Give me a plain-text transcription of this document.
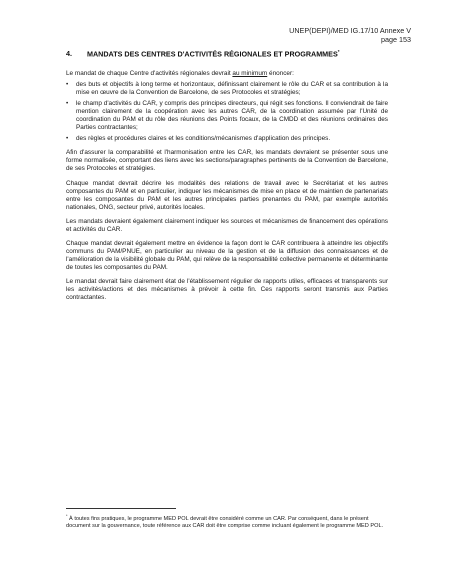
UNEP(DEPI)/MED IG.17/10 Annexe V
page 153
4. MANDATS DES CENTRES D'ACTIVITÉS RÉGIONALES ET PROGRAMMES*

Le mandat de chaque Centre d'activités régionales devrait au minimum énoncer:

•	des buts et objectifs à long terme et horizontaux, définissant clairement le rôle du CAR et sa contribution à la mise en œuvre de la Convention de Barcelone, de ses Protocoles et stratégies;
•	le champ d'activités du CAR, y compris des principes directeurs, qui régit ses fonctions. Il conviendrait de faire mention clairement de la coopération avec les autres CAR, de la coordination assumée par l'Unité de coordination du PAM et du rôle des réunions des Points focaux, de la CMDD et des réunions ordinaires des Parties contractantes;
•	des règles et procédures claires et les conditions/mécanismes d'application des principes.

Afin d'assurer la comparabilité et l'harmonisation entre les CAR, les mandats devraient se présenter sous une forme normalisée, comportant des liens avec les sections/paragraphes pertinents de la Convention de Barcelone, de ses Protocoles et stratégies.

Chaque mandat devrait décrire les modalités des relations de travail avec le Secrétariat et les autres composantes du PAM et en particulier, indiquer les mécanismes de mise en place et de maintien de partenariats entre les composantes du PAM et les autres principales parties prenantes du PAM, par exemple autorités nationales, ONG, secteur privé, autorités locales.

Les mandats devraient également clairement indiquer les sources et mécanismes de financement des opérations et activités du CAR.

Chaque mandat devrait également mettre en évidence la façon dont le CAR contribuera à atteindre les objectifs communs du PAM/PNUE, en particulier au niveau de la gestion et de la diffusion des connaissances et de l'amélioration de la visibilité globale du PAM, qui relève de la responsabilité collective permanente et déterminante de toutes les composantes du PAM.

Le mandat devrait faire clairement état de l'établissement régulier de rapports utiles, efficaces et transparents sur les activités/actions et des mécanismes à prévoir à cette fin. Ces rapports seront transmis aux Parties contractantes.

* À toutes fins pratiques, le programme MED POL devrait être considéré comme un CAR. Par conséquent, dans le présent document sur la gouvernance, toute référence aux CAR doit être comprise comme incluant également le programme MED POL.
